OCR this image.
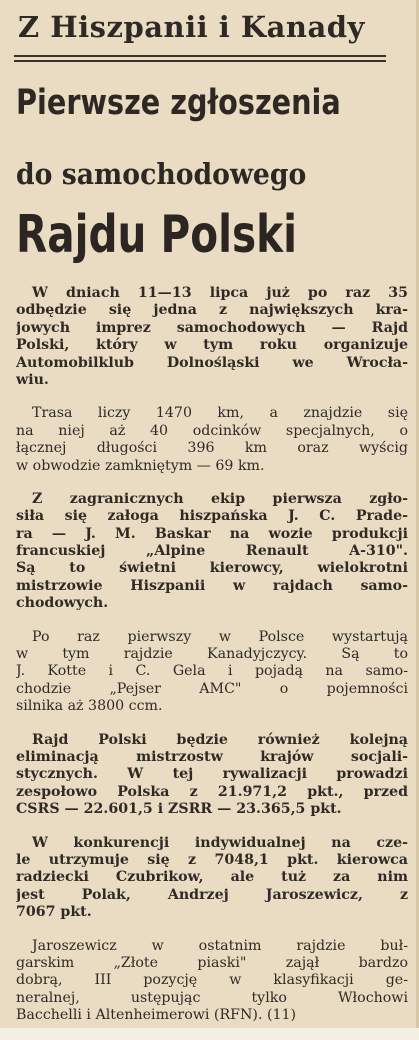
Z Hiszpanii i Kanady
Pierwsze zgłoszenia
do samochodowego
Rajdu Polski
W dniach 11—13 lipca już po raz 35
odbędzie się jedna z największych kra-
jowych imprez samochodowych — Rajd
Polski, który w tym roku organizuje
Automobilklub Dolnośląski we Wrocła-
wiu.
Trasa liczy 1470 km, a znajdzie się
na niej aż 40 odcinków specjalnych, o
łącznej długości 396 km oraz wyścig
w obwodzie zamkniętym — 69 km.
Z zagranicznych ekip pierwsza zgło-
siła się załoga hiszpańska J. C. Prade-
ra — J. M. Baskar na wozie produkcji
francuskiej „Alpine Renault A-310".
Są to świetni kierowcy, wielokrotni
mistrzowie Hiszpanii w rajdach samo-
chodowych.
Po raz pierwszy w Polsce wystartują
w tym rajdzie Kanadyjczycy. Są to
J. Kotte i C. Gela i pojadą na samo-
chodzie „Pejser AMC" o pojemności
silnika aż 3800 ccm.
Rajd Polski będzie również kolejną
eliminacją mistrzostw krajów socjali-
stycznych. W tej rywalizacji prowadzi
zespołowo Polska z 21.971,2 pkt., przed
CSRS — 22.601,5 i ZSRR — 23.365,5 pkt.
W konkurencji indywidualnej na cze-
le utrzymuje się z 7048,1 pkt. kierowca
radziecki Czubrikow, ale tuż za nim
jest Polak, Andrzej Jaroszewicz, z
7067 pkt.
Jaroszewicz w ostatnim rajdzie buł-
garskim „Złote piaski" zajął bardzo
dobrą, III pozycję w klasyfikacji ge-
neralnej, ustępując tylko Włochowi
Bacchelli i Altenheimerowi (RFN). (11)
